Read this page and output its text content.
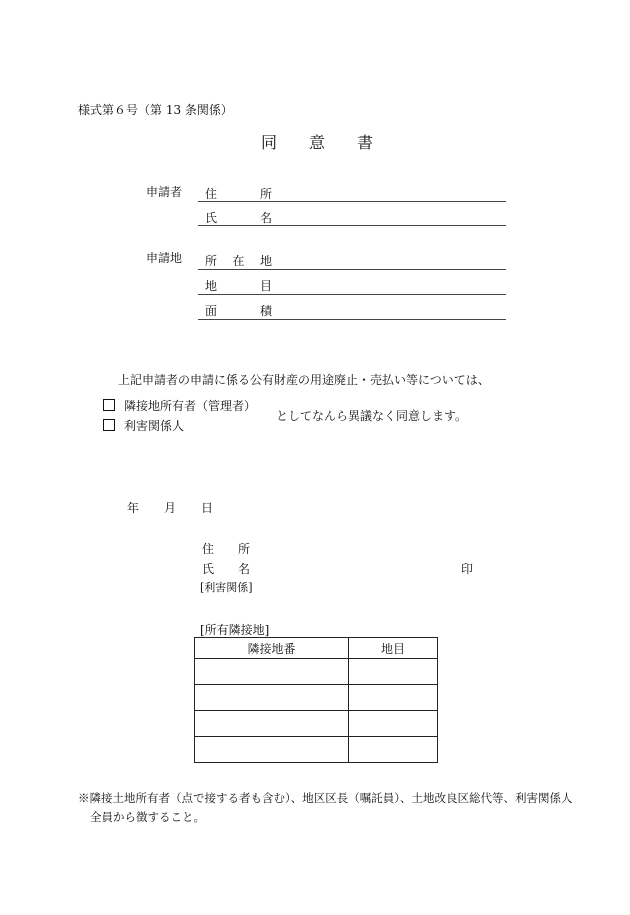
様式第６号（第 13 条関係）
同 意 書
申請者 住	所
氏	名
申請地 所 在 地
地	目
面	積
上記申請者の申請に係る公有財産の用途廃止・売払い等については、
隣接地所有者（管理者）
利害関係人
としてなんら異議なく同意します。
年 月 日
住 所
氏 名	印
[利害関係]
[所有隣接地]
隣接地番	地目

※隣接土地所有者（点で接する者も含む）、地区区長（嘱託員）、土地改良区総代等、利害関係人
全員から徴すること。
